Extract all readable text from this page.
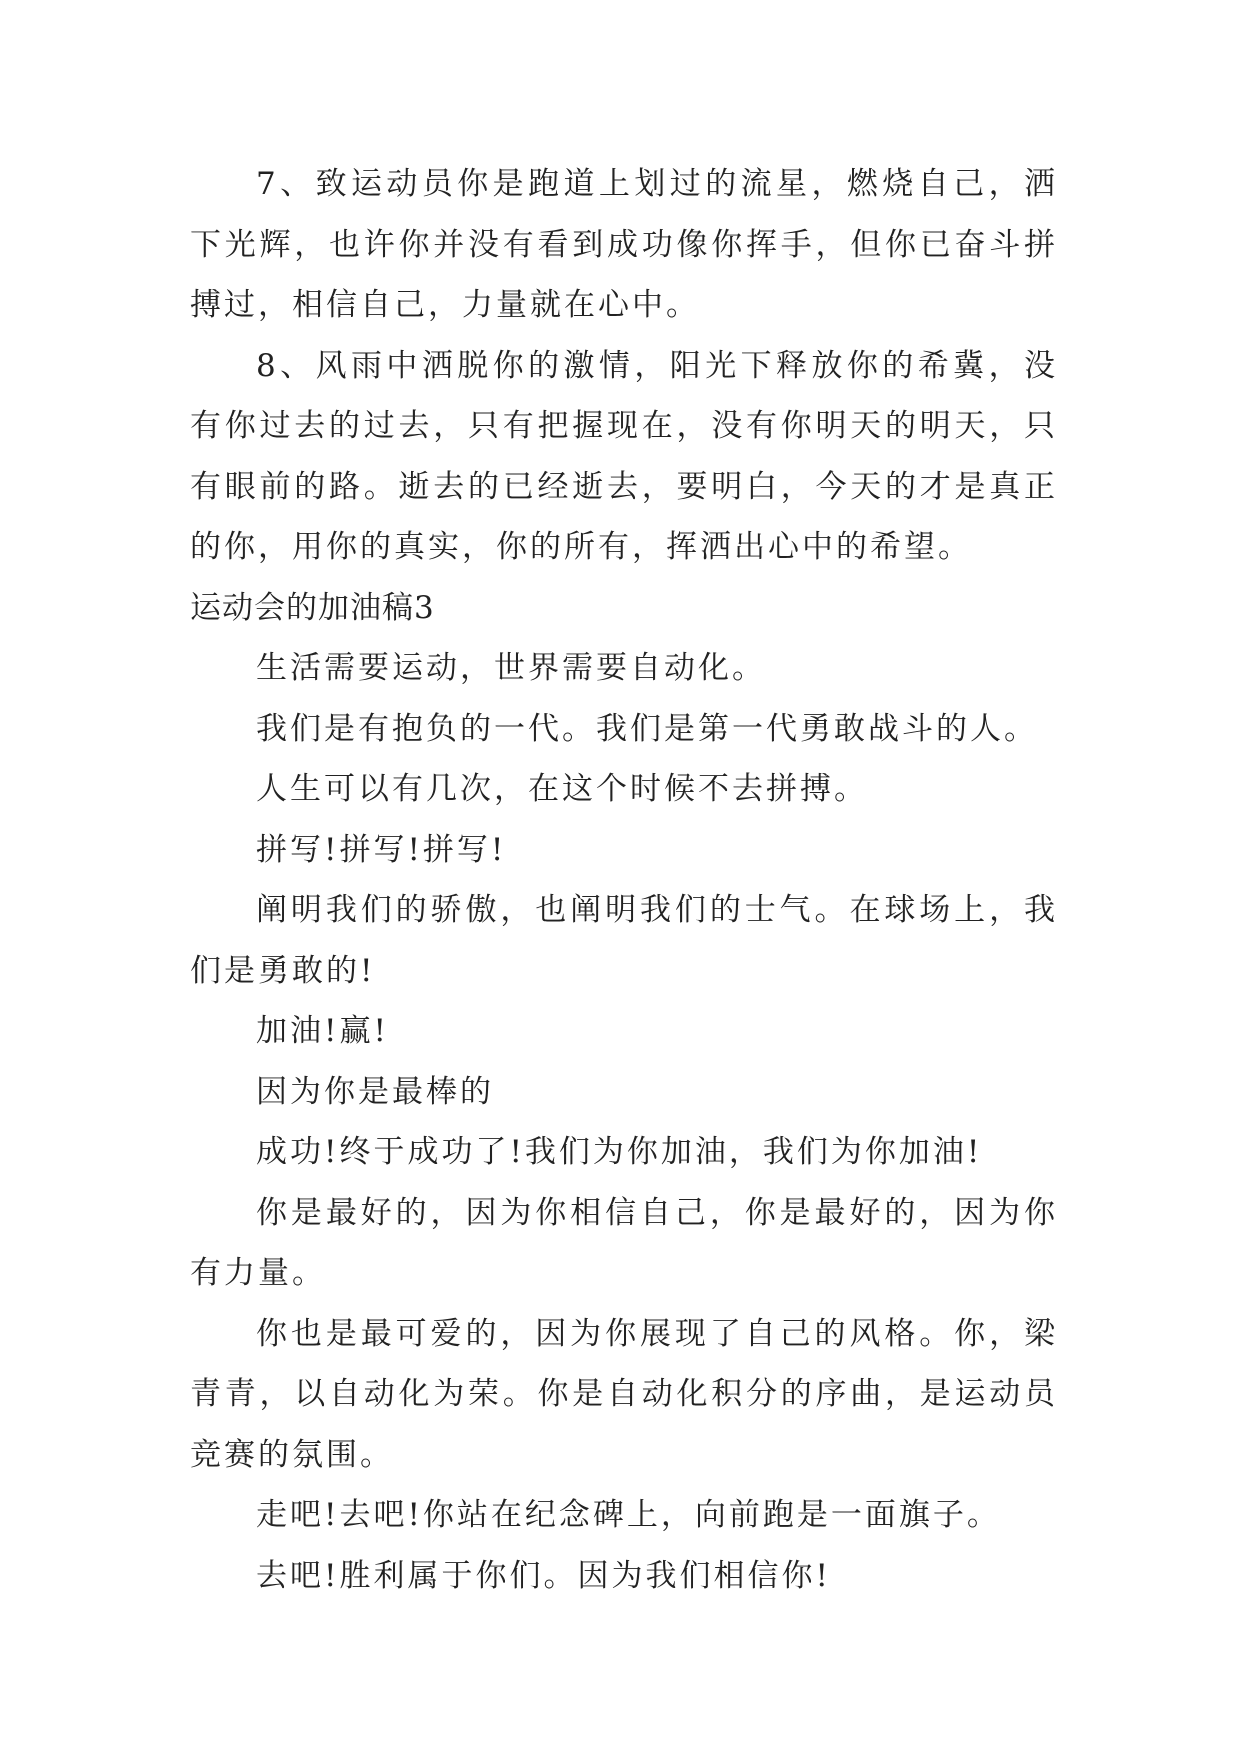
7、致运动员你是跑道上划过的流星，燃烧自己，洒下光辉，也许你并没有看到成功像你挥手，但你已奋斗拼搏过，相信自己，力量就在心中。

8、风雨中洒脱你的激情，阳光下释放你的希冀，没有你过去的过去，只有把握现在，没有你明天的明天，只有眼前的路。逝去的已经逝去，要明白，今天的才是真正的你，用你的真实，你的所有，挥洒出心中的希望。

运动会的加油稿3

生活需要运动，世界需要自动化。

我们是有抱负的一代。我们是第一代勇敢战斗的人。

人生可以有几次，在这个时候不去拼搏。

拼写!拼写!拼写!

阐明我们的骄傲，也阐明我们的士气。在球场上，我们是勇敢的!

加油!赢!

因为你是最棒的

成功!终于成功了!我们为你加油，我们为你加油!

你是最好的，因为你相信自己，你是最好的，因为你有力量。

你也是最可爱的，因为你展现了自己的风格。你，梁青青，以自动化为荣。你是自动化积分的序曲，是运动员竞赛的氛围。

走吧!去吧!你站在纪念碑上，向前跑是一面旗子。

去吧!胜利属于你们。因为我们相信你!
